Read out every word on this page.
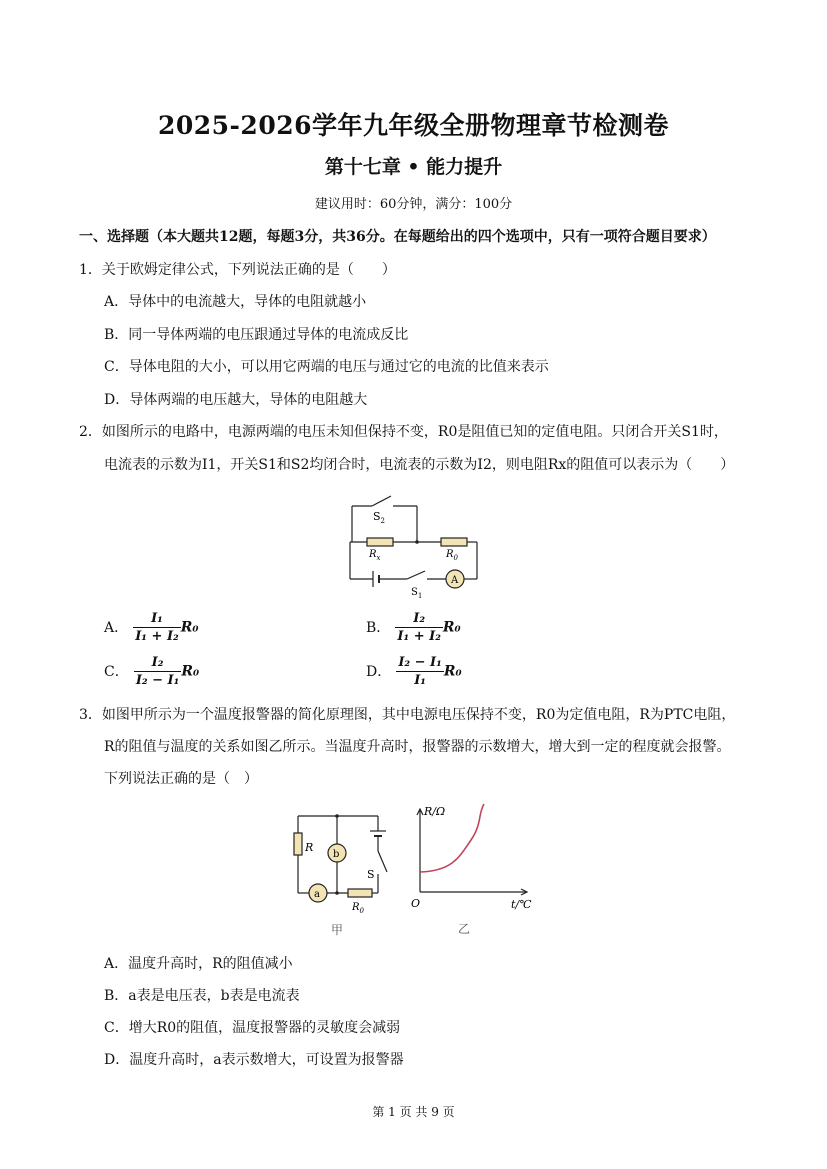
2025-2026学年九年级全册物理章节检测卷
第十七章 • 能力提升
建议用时：60分钟，满分：100分
一、选择题（本大题共12题，每题3分，共36分。在每题给出的四个选项中，只有一项符合题目要求）
1．关于欧姆定律公式，下列说法正确的是（　　）
A．导体中的电流越大，导体的电阻就越小
B．同一导体两端的电压跟通过导体的电流成反比
C．导体电阻的大小，可以用它两端的电压与通过它的电流的比值来表示
D．导体两端的电压越大，导体的电阻越大
2．如图所示的电路中，电源两端的电压未知但保持不变，R0是阻值已知的定值电阻。只闭合开关S1时，
电流表的示数为I1，开关S1和S2均闭合时，电流表的示数为I2，则电阻Rx的阻值可以表示为（　　）
$S_2$
$R_x$	$R_0$
A
$S_1$
A． $\frac{\text{I₁}}{\text{I₁ + I₂}} R_0$	B． $\frac{\text{I₂}}{\text{I₁ + I₂}} R_0$
C． $\frac{\text{I₂}}{\text{I₂ − I₁}} R_0$	D． $\frac{\text{I₂ − I₁}}{\text{I₁}} R_0$
3．如图甲所示为一个温度报警器的简化原理图，其中电源电压保持不变，R0为定值电阻，R为PTC电阻，
R的阻值与温度的关系如图乙所示。当温度升高时，报警器的示数增大，增大到一定的程度就会报警。
下列说法正确的是（　）
R
b
a
S
$R_0$
甲
R/Ω
O	t/℃
乙
A．温度升高时，R的阻值减小
B．a表是电压表，b表是电流表
C．增大R0的阻值，温度报警器的灵敏度会减弱
D．温度升高时，a表示数增大，可设置为报警器
第 1 页 共 9 页
